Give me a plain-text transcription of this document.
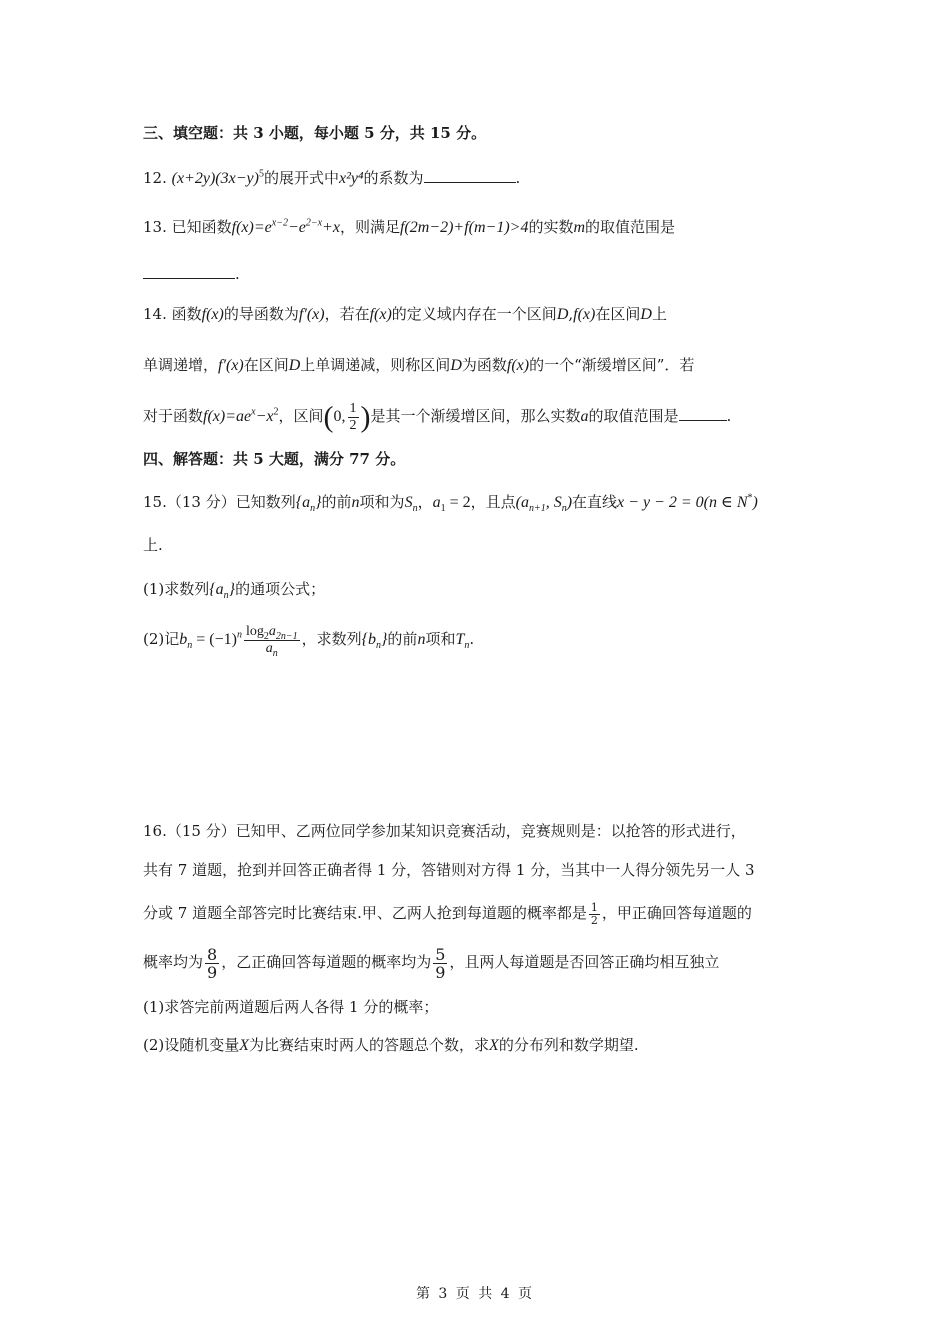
三、填空题：共 3 小题，每小题 5 分，共 15 分。
12. $(x+2y)(3x-y)^5$的展开式中x²y⁴的系数为	.
13. 已知函数$f(x)=e^{x-2}-e^{2-x}+x$，则满足f(2m−2)+f(m−1)>4的实数m的取值范围是
.
14. 函数f(x)的导函数为f′(x)，若在f(x)的定义域内存在一个区间D,f(x)在区间D上
单调递增，f′(x)在区间D上单调递减，则称区间D为函数f(x)的一个“渐缓增区间”．若
对于函数$f(x)=ae^x-x^2$，区间(0, $\frac{1}{2}$ )是其一个渐缓增区间，那么实数a的取值范围是	.
四、解答题：共 5 大题，满分 77 分。
15.（13 分）已知数列$\{a_n\}$的前n项和为$S_n$，$a_1 = 2$，且点($a_{n+1}$, $S_n$)在直线x − y − 2 = 0(n ∈ N*)
上.
(1)求数列$\{a_n\}$的通项公式；
(2)记$b_n = (-1)^n \frac{\log_2a_{2n-1}}{a_n}$ ，求数列$\{b_n\}$的前n项和$T_n$.
16.（15 分）已知甲、乙两位同学参加某知识竞赛活动，竞赛规则是：以抢答的形式进行，
共有 7 道题，抢到并回答正确者得 1 分，答错则对方得 1 分，当其中一人得分领先另一人 3
分或 7 道题全部答完时比赛结束.甲、乙两人抢到每道题的概率都是 $\frac{1}{2}$ ，甲正确回答每道题的
概率均为 $\frac{8}{9}$ ，乙正确回答每道题的概率均为 $\frac{5}{9}$ ，且两人每道题是否回答正确均相互独立
(1)求答完前两道题后两人各得 1 分的概率；
(2)设随机变量X为比赛结束时两人的答题总个数，求X的分布列和数学期望.
第 3 页 共 4 页
